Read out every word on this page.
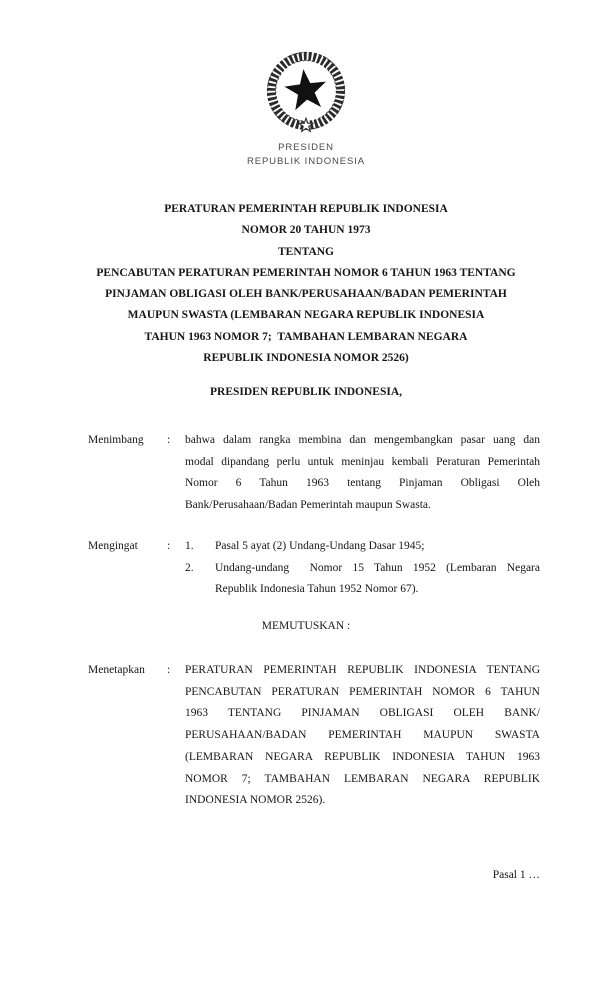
PRESIDEN
REPUBLIK INDONESIA
PERATURAN PEMERINTAH REPUBLIK INDONESIA
NOMOR 20 TAHUN 1973
TENTANG
PENCABUTAN PERATURAN PEMERINTAH NOMOR 6 TAHUN 1963 TENTANG
PINJAMAN OBLIGASI OLEH BANK/PERUSAHAAN/BADAN PEMERINTAH
MAUPUN SWASTA (LEMBARAN NEGARA REPUBLIK INDONESIA
TAHUN 1963 NOMOR 7;  TAMBAHAN LEMBARAN NEGARA
REPUBLIK INDONESIA NOMOR 2526)
PRESIDEN REPUBLIK INDONESIA,
Menimbang	:	bahwa dalam rangka membina dan mengembangkan pasar uang dan
modal dipandang perlu untuk meninjau kembali Peraturan Pemerintah
Nomor 6 Tahun 1963 tentang Pinjaman Obligasi Oleh
Bank/Perusahaan/Badan Pemerintah maupun Swasta.
Mengingat	:	1.	Pasal 5 ayat (2) Undang-Undang Dasar 1945;
2.	Undang-undang  Nomor 15 Tahun 1952 (Lembaran Negara
Republik Indonesia Tahun 1952 Nomor 67).
MEMUTUSKAN :
Menetapkan	:	PERATURAN PEMERINTAH REPUBLIK INDONESIA TENTANG
PENCABUTAN PERATURAN PEMERINTAH NOMOR 6 TAHUN
1963 TENTANG PINJAMAN OBLIGASI OLEH BANK/
PERUSAHAAN/BADAN PEMERINTAH MAUPUN SWASTA
(LEMBARAN NEGARA REPUBLIK INDONESIA TAHUN 1963
NOMOR 7; TAMBAHAN LEMBARAN NEGARA REPUBLIK
INDONESIA NOMOR 2526).
Pasal 1 …
